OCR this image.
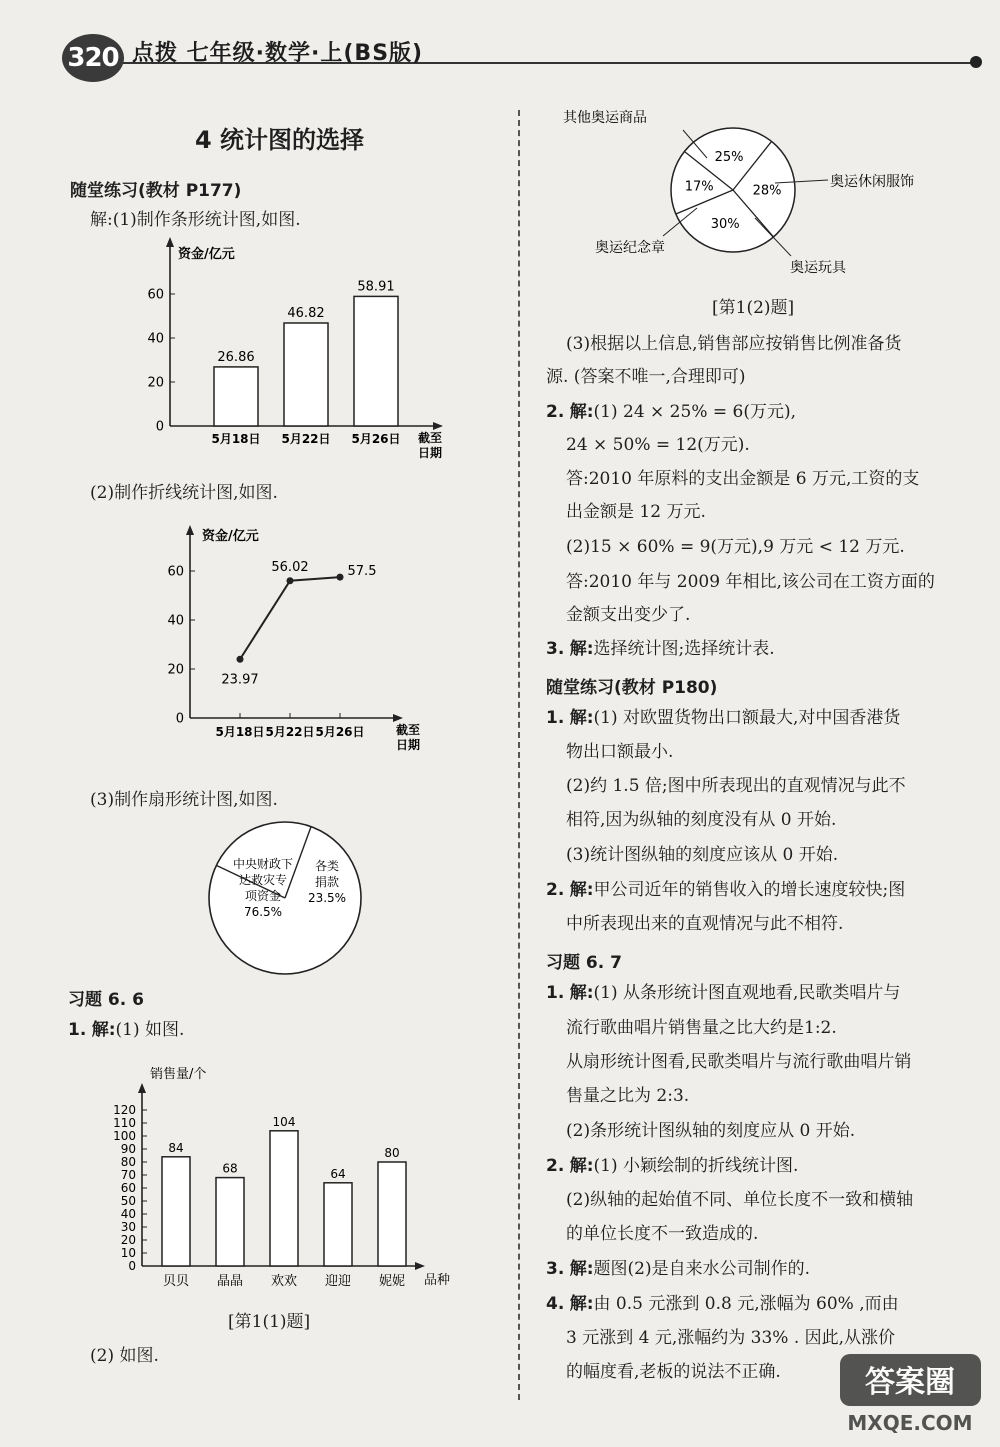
320 点拨 七年级·数学·上(BS版)
4 统计图的选择
随堂练习(教材 P177)
解:(1)制作条形统计图,如图.
0
20
40
60
资金/亿元
26.86
5月18日
46.82
5月22日
58.91
5月26日 截至
日期
(2)制作折线统计图,如图.
0
20
40
60
资金/亿元
23.97
5月18日
56.02
5月22日
57.5
5月26日	截至
日期
(3)制作扇形统计图,如图.
中央财政下
达救灾专
项资金
76.5%
各类
捐款
23.5%
习题 6. 6
1. 解:(1) 如图.
0
10
20
30
40
50
60
70
80
90
100
110
120
销售量/个
84
贝贝
68
晶晶
104
欢欢
64
迎迎
80
妮妮 品种
[第1(1)题]
(2) 如图.
25%
其他奥运商品
28%
奥运休闲服饰
30%
奥运玩具
17%
奥运纪念章
[第1(2)题]
(3)根据以上信息,销售部应按销售比例准备货
源. (答案不唯一,合理即可)
2. 解:(1) 24 × 25% = 6(万元),
24 × 50% = 12(万元).
答:2010 年原料的支出金额是 6 万元,工资的支
出金额是 12 万元.
(2)15 × 60% = 9(万元),9 万元 < 12 万元.
答:2010 年与 2009 年相比,该公司在工资方面的
金额支出变少了.
3. 解:选择统计图;选择统计表.
随堂练习(教材 P180)
1. 解:(1) 对欧盟货物出口额最大,对中国香港货
物出口额最小.
(2)约 1.5 倍;图中所表现出的直观情况与此不
相符,因为纵轴的刻度没有从 0 开始.
(3)统计图纵轴的刻度应该从 0 开始.
2. 解:甲公司近年的销售收入的增长速度较快;图
中所表现出来的直观情况与此不相符.
习题 6. 7
1. 解:(1) 从条形统计图直观地看,民歌类唱片与
流行歌曲唱片销售量之比大约是1:2.
从扇形统计图看,民歌类唱片与流行歌曲唱片销
售量之比为 2:3.
(2)条形统计图纵轴的刻度应从 0 开始.
2. 解:(1) 小颖绘制的折线统计图.
(2)纵轴的起始值不同、单位长度不一致和横轴
的单位长度不一致造成的.
3. 解:题图(2)是自来水公司制作的.
4. 解:由 0.5 元涨到 0.8 元,涨幅为 60% ,而由
3 元涨到 4 元,涨幅约为 33% . 因此,从涨价
的幅度看,老板的说法不正确.	答案圈
MXQE.COM
